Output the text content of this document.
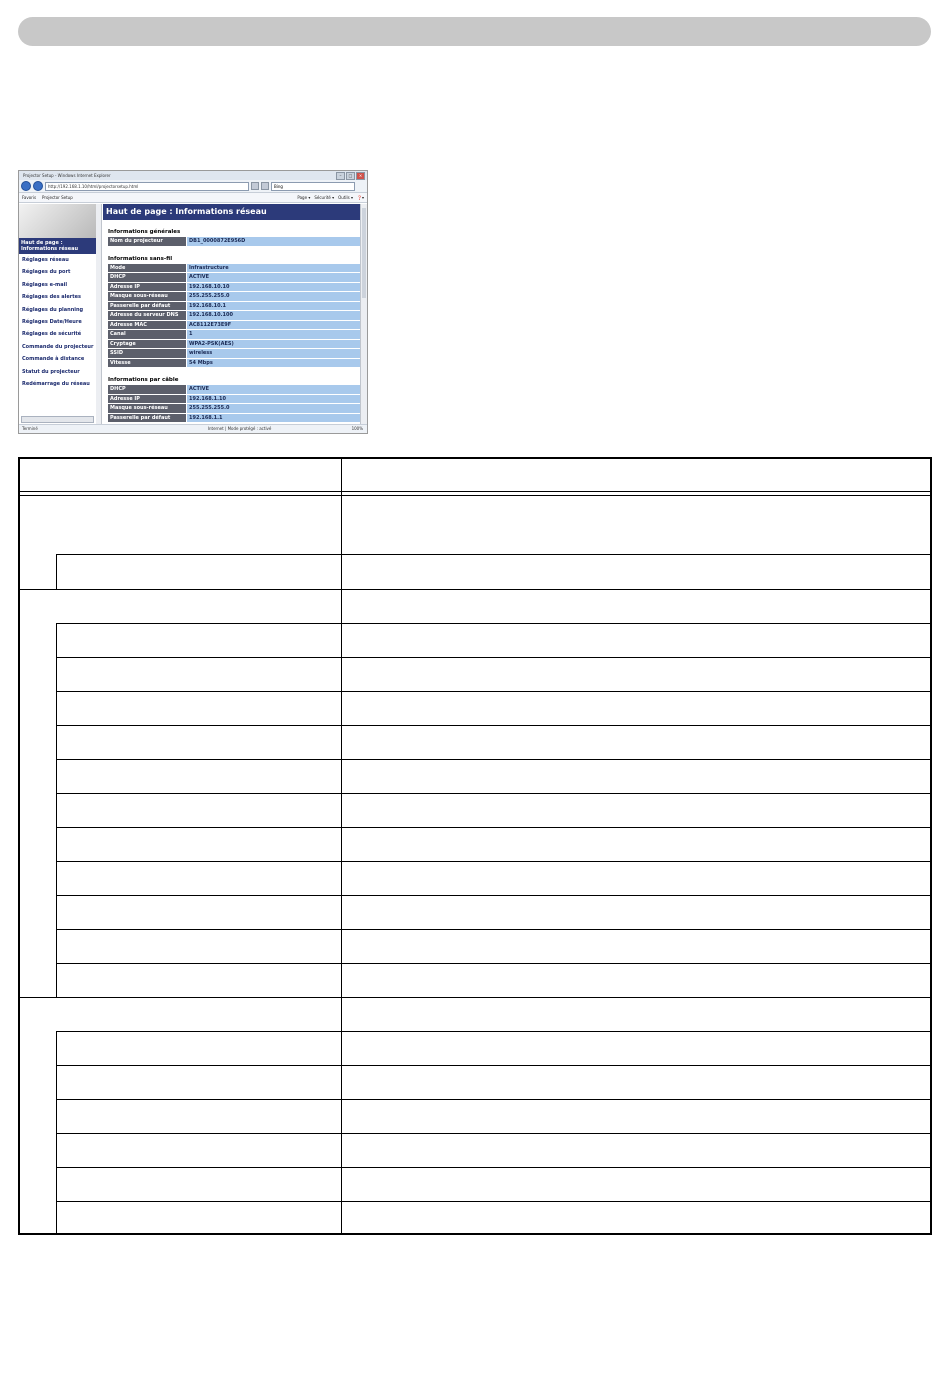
Projector Setup - Windows Internet Explorer	–	□	×
http://192.168.1.10/html/projectorsetup.html	Bing
Favoris Projector Setup	Page ▾ Sécurité ▾ Outils ▾ ❓▾
Haut de page : Informations réseau
Réglages réseau
Réglages du port
Réglages e-mail
Réglages des alertes
Réglages du planning
Réglages Date/Heure
Réglages de sécurité
Commande du projecteur
Commande à distance
Statut du projecteur
Redémarrage du réseau
Haut de page : Informations réseau
Informations générales
Nom du projecteur	DB1_0000872E956D
Informations sans-fil
Mode	Infrastructure
DHCP	ACTIVE
Adresse IP	192.168.10.10
Masque sous-réseau	255.255.255.0
Passerelle par défaut	192.168.10.1
Adresse du serveur DNS	192.168.10.100
Adresse MAC	AC8112E73E9F
Canal	1
Cryptage	WPA2-PSK(AES)
SSID	wireless
Vitesse	54 Mbps
Informations par câble
DHCP	ACTIVE
Adresse IP	192.168.1.10
Masque sous-réseau	255.255.255.0
Passerelle par défaut	192.168.1.1
Terminé	Internet | Mode protégé : activé	100%
